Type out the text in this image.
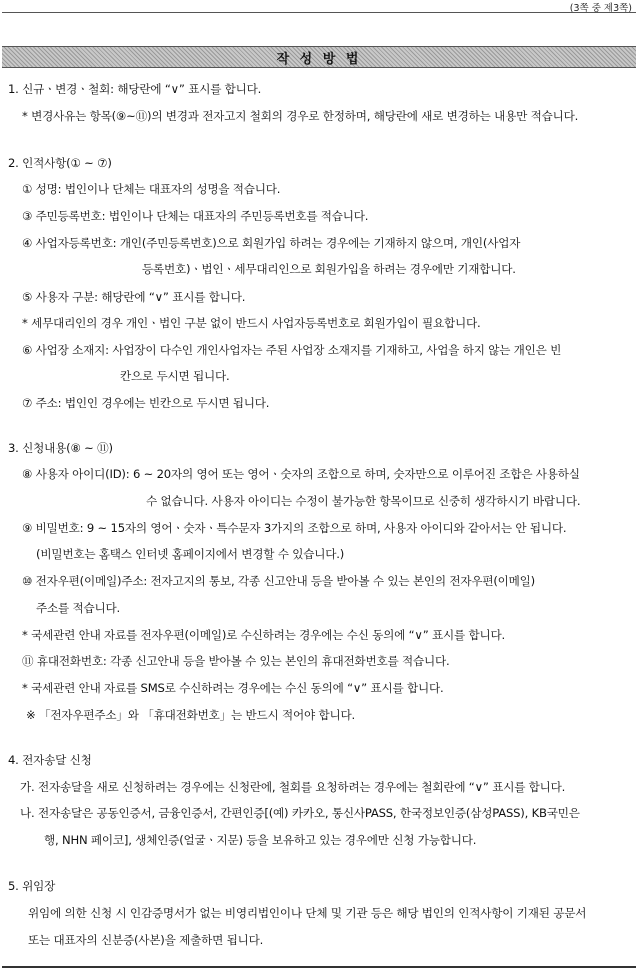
(3쪽 중 제3쪽)
작 성 방 법
1. 신규ㆍ변경ㆍ철회: 해당란에 “∨” 표시를 합니다.
* 변경사유는 항목(⑨~⑪)의 변경과 전자고지 철회의 경우로 한정하며, 해당란에 새로 변경하는 내용만 적습니다.
2. 인적사항(① ~ ⑦)
① 성명: 법인이나 단체는 대표자의 성명을 적습니다.
③ 주민등록번호: 법인이나 단체는 대표자의 주민등록번호를 적습니다.
④ 사업자등록번호: 개인(주민등록번호)으로 회원가입 하려는 경우에는 기재하지 않으며, 개인(사업자
등록번호)ㆍ법인ㆍ세무대리인으로 회원가입을 하려는 경우에만 기재합니다.
⑤ 사용자 구분: 해당란에 “∨” 표시를 합니다.
* 세무대리인의 경우 개인ㆍ법인 구분 없이 반드시 사업자등록번호로 회원가입이 필요합니다.
⑥ 사업장 소재지: 사업장이 다수인 개인사업자는 주된 사업장 소재지를 기재하고, 사업을 하지 않는 개인은 빈
칸으로 두시면 됩니다.
⑦ 주소: 법인인 경우에는 빈칸으로 두시면 됩니다.
3. 신청내용(⑧ ~ ⑪)
⑧ 사용자 아이디(ID): 6 ~ 20자의 영어 또는 영어ㆍ숫자의 조합으로 하며, 숫자만으로 이루어진 조합은 사용하실
수 없습니다. 사용자 아이디는 수정이 불가능한 항목이므로 신중히 생각하시기 바랍니다.
⑨ 비밀번호: 9 ~ 15자의 영어ㆍ숫자ㆍ특수문자 3가지의 조합으로 하며, 사용자 아이디와 같아서는 안 됩니다.
(비밀번호는 홈택스 인터넷 홈페이지에서 변경할 수 있습니다.)
⑩ 전자우편(이메일)주소: 전자고지의 통보, 각종 신고안내 등을 받아볼 수 있는 본인의 전자우편(이메일)
주소를 적습니다.
* 국세관련 안내 자료를 전자우편(이메일)로 수신하려는 경우에는 수신 동의에 “∨” 표시를 합니다.
⑪ 휴대전화번호: 각종 신고안내 등을 받아볼 수 있는 본인의 휴대전화번호를 적습니다.
* 국세관련 안내 자료를 SMS로 수신하려는 경우에는 수신 동의에 “∨” 표시를 합니다.
※ 「전자우편주소」와 「휴대전화번호」는 반드시 적어야 합니다.
4. 전자송달 신청
가. 전자송달을 새로 신청하려는 경우에는 신청란에, 철회를 요청하려는 경우에는 철회란에 “∨” 표시를 합니다.
나. 전자송달은 공동인증서, 금융인증서, 간편인증[(예) 카카오, 통신사PASS, 한국정보인증(삼성PASS), KB국민은
행, NHN 페이코], 생체인증(얼굴ㆍ지문) 등을 보유하고 있는 경우에만 신청 가능합니다.
5. 위임장
위임에 의한 신청 시 인감증명서가 없는 비영리법인이나 단체 및 기관 등은 해당 법인의 인적사항이 기재된 공문서
또는 대표자의 신분증(사본)을 제출하면 됩니다.
